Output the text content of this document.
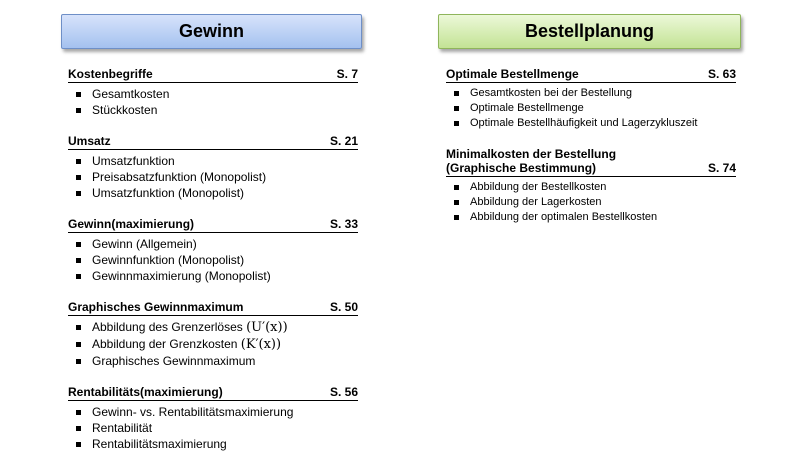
Gewinn	Bestellplanung
Kostenbegriffe	S. 7
Gesamtkosten
Stückkosten
Umsatz	S. 21
Umsatzfunktion
Preisabsatzfunktion (Monopolist)
Umsatzfunktion (Monopolist)
Gewinn(maximierung)	S. 33
Gewinn (Allgemein)
Gewinnfunktion (Monopolist)
Gewinnmaximierung (Monopolist)
Graphisches Gewinnmaximum	S. 50
Abbildung des Grenzerlöses (U′(x))
Abbildung der Grenzkosten (K′(x))
Graphisches Gewinnmaximum
Rentabilitäts(maximierung)	S. 56
Gewinn- vs. Rentabilitätsmaximierung
Rentabilität
Rentabilitätsmaximierung
Optimale Bestellmenge	S. 63
Gesamtkosten bei der Bestellung
Optimale Bestellmenge
Optimale Bestellhäufigkeit und Lagerzykluszeit
Minimalkosten der Bestellung
(Graphische Bestimmung)	S. 74
Abbildung der Bestellkosten
Abbildung der Lagerkosten
Abbildung der optimalen Bestellkosten
